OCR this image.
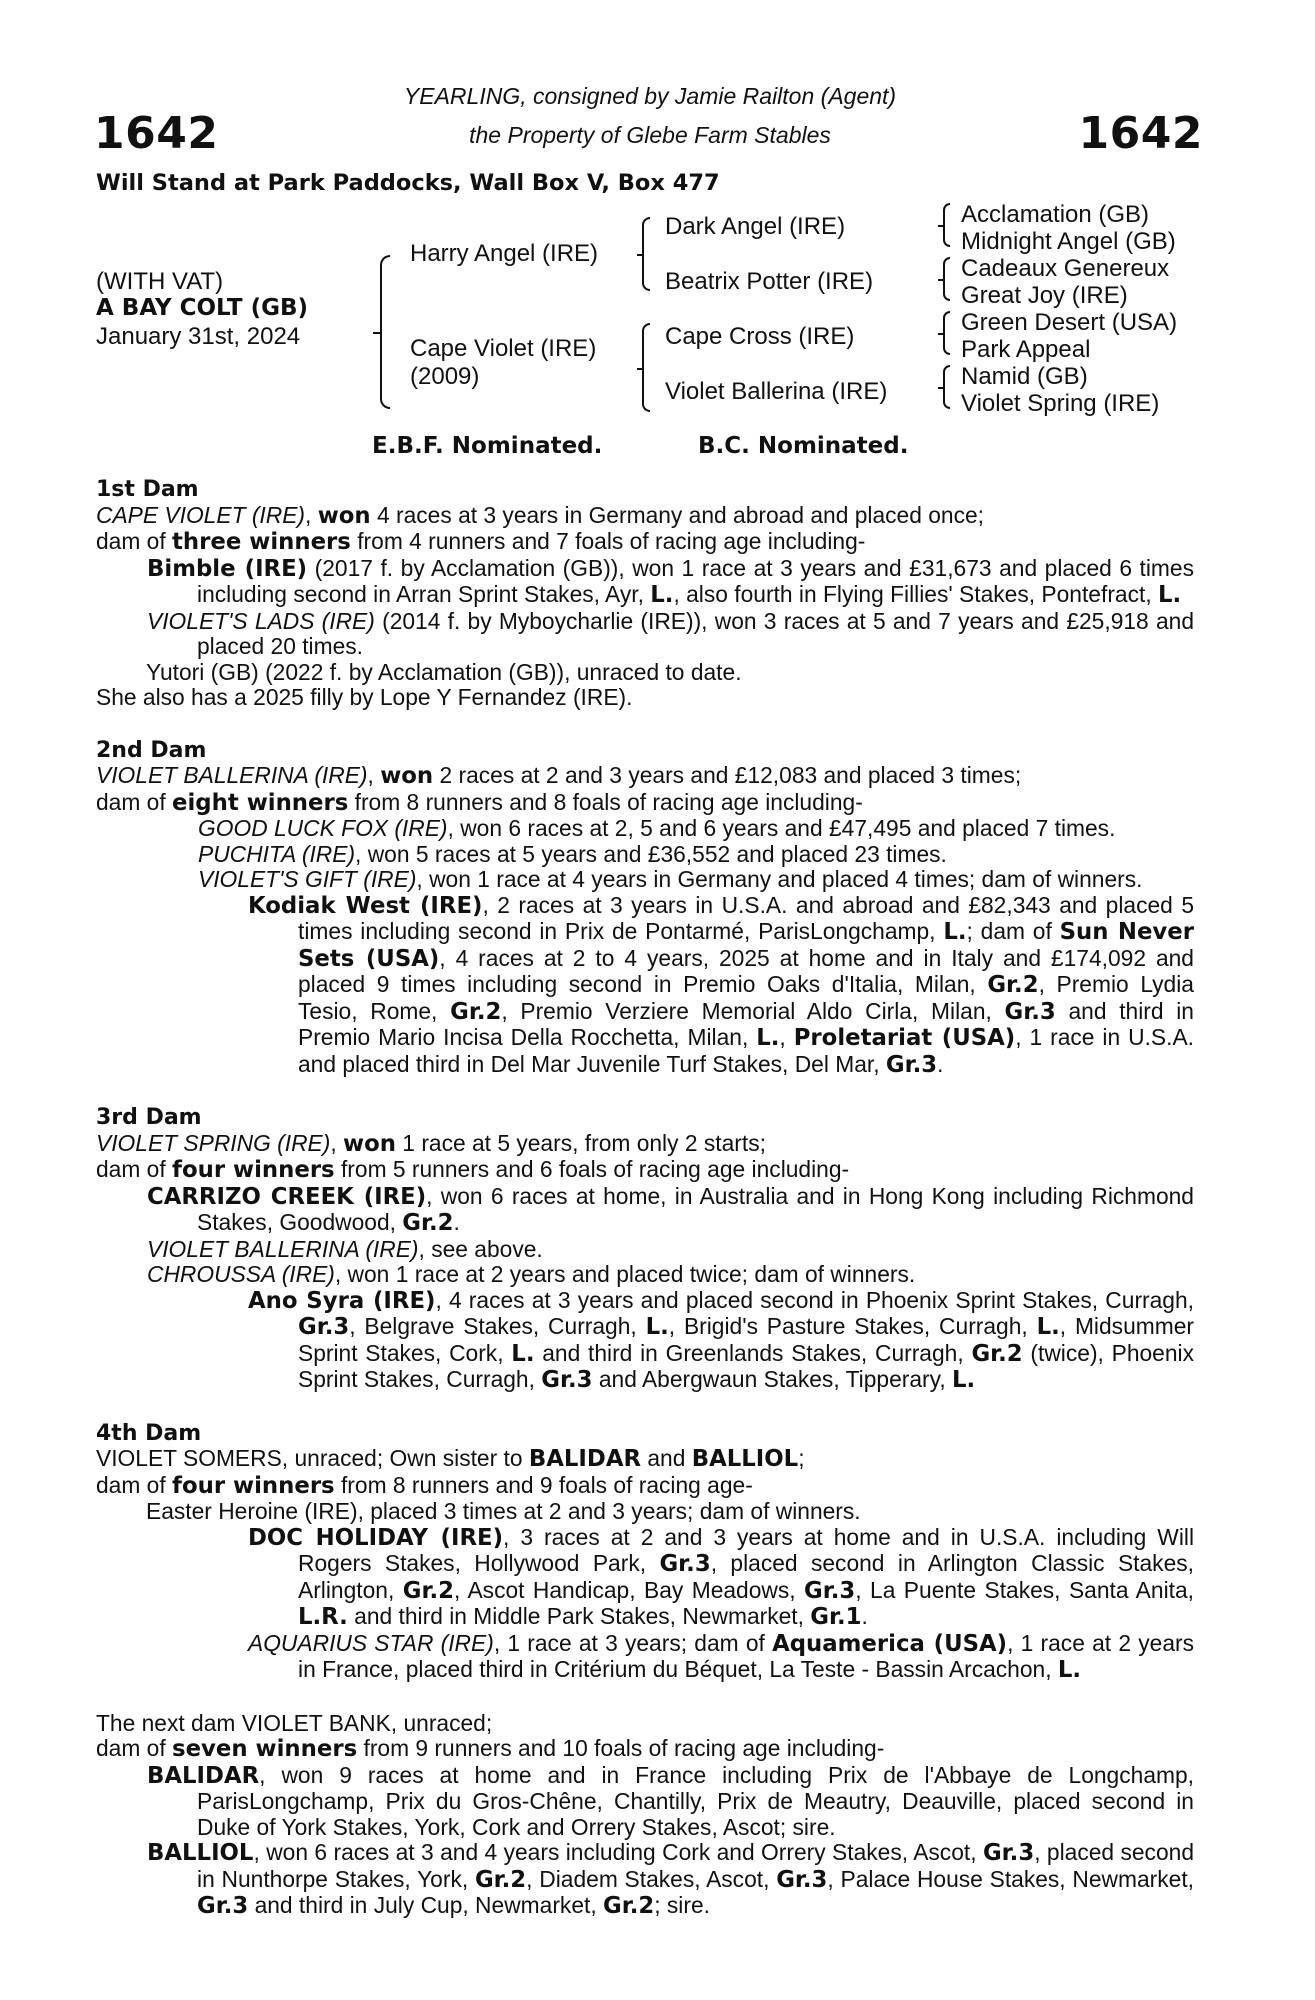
1642	1642
YEARLING, consigned by Jamie Railton (Agent)
the Property of Glebe Farm Stables
Will Stand at Park Paddocks, Wall Box V, Box 477
(WITH VAT)
A BAY COLT (GB)
January 31st, 2024
Harry Angel (IRE)
Cape Violet (IRE)
(2009)
Dark Angel (IRE)
Beatrix Potter (IRE)
Cape Cross (IRE)
Violet Ballerina (IRE)
Acclamation (GB)
Midnight Angel (GB)
Cadeaux Genereux
Great Joy (IRE)
Green Desert (USA)
Park Appeal
Namid (GB)
Violet Spring (IRE)
E.B.F. Nominated.	B.C. Nominated.

1st Dam

CAPE VIOLET (IRE), won 4 races at 3 years in Germany and abroad and placed once;

dam of three winners from 4 runners and 7 foals of racing age including-

Bimble (IRE) (2017 f. by Acclamation (GB)), won 1 race at 3 years and £31,673 and placed 6 times including second in Arran Sprint Stakes, Ayr, L., also fourth in Flying Fillies' Stakes, Pontefract, L.

VIOLET'S LADS (IRE) (2014 f. by Myboycharlie (IRE)), won 3 races at 5 and 7 years and £25,918 and placed 20 times.

Yutori (GB) (2022 f. by Acclamation (GB)), unraced to date.

She also has a 2025 filly by Lope Y Fernandez (IRE).

2nd Dam

VIOLET BALLERINA (IRE), won 2 races at 2 and 3 years and £12,083 and placed 3 times;

dam of eight winners from 8 runners and 8 foals of racing age including-

GOOD LUCK FOX (IRE), won 6 races at 2, 5 and 6 years and £47,495 and placed 7 times.

PUCHITA (IRE), won 5 races at 5 years and £36,552 and placed 23 times.

VIOLET'S GIFT (IRE), won 1 race at 4 years in Germany and placed 4 times; dam of winners.

Kodiak West (IRE), 2 races at 3 years in U.S.A. and abroad and £82,343 and placed 5 times including second in Prix de Pontarmé, ParisLongchamp, L.; dam of Sun Never Sets (USA), 4 races at 2 to 4 years, 2025 at home and in Italy and £174,092 and placed 9 times including second in Premio Oaks d'Italia, Milan, Gr.2, Premio Lydia Tesio, Rome, Gr.2, Premio Verziere Memorial Aldo Cirla, Milan, Gr.3 and third in Premio Mario Incisa Della Rocchetta, Milan, L., Proletariat (USA), 1 race in U.S.A. and placed third in Del Mar Juvenile Turf Stakes, Del Mar, Gr.3.

3rd Dam

VIOLET SPRING (IRE), won 1 race at 5 years, from only 2 starts;

dam of four winners from 5 runners and 6 foals of racing age including-

CARRIZO CREEK (IRE), won 6 races at home, in Australia and in Hong Kong including Richmond Stakes, Goodwood, Gr.2.

VIOLET BALLERINA (IRE), see above.

CHROUSSA (IRE), won 1 race at 2 years and placed twice; dam of winners.

Ano Syra (IRE), 4 races at 3 years and placed second in Phoenix Sprint Stakes, Curragh, Gr.3, Belgrave Stakes, Curragh, L., Brigid's Pasture Stakes, Curragh, L., Midsummer Sprint Stakes, Cork, L. and third in Greenlands Stakes, Curragh, Gr.2 (twice), Phoenix Sprint Stakes, Curragh, Gr.3 and Abergwaun Stakes, Tipperary, L.

4th Dam

VIOLET SOMERS, unraced; Own sister to BALIDAR and BALLIOL;

dam of four winners from 8 runners and 9 foals of racing age-

Easter Heroine (IRE), placed 3 times at 2 and 3 years; dam of winners.

DOC HOLIDAY (IRE), 3 races at 2 and 3 years at home and in U.S.A. including Will Rogers Stakes, Hollywood Park, Gr.3, placed second in Arlington Classic Stakes, Arlington, Gr.2, Ascot Handicap, Bay Meadows, Gr.3, La Puente Stakes, Santa Anita, L.R. and third in Middle Park Stakes, Newmarket, Gr.1.

AQUARIUS STAR (IRE), 1 race at 3 years; dam of Aquamerica (USA), 1 race at 2 years in France, placed third in Critérium du Béquet, La Teste - Bassin Arcachon, L.

The next dam VIOLET BANK, unraced;

dam of seven winners from 9 runners and 10 foals of racing age including-

BALIDAR, won 9 races at home and in France including Prix de l'Abbaye de Longchamp, ParisLongchamp, Prix du Gros-Chêne, Chantilly, Prix de Meautry, Deauville, placed second in Duke of York Stakes, York, Cork and Orrery Stakes, Ascot; sire.

BALLIOL, won 6 races at 3 and 4 years including Cork and Orrery Stakes, Ascot, Gr.3, placed second in Nunthorpe Stakes, York, Gr.2, Diadem Stakes, Ascot, Gr.3, Palace House Stakes, Newmarket, Gr.3 and third in July Cup, Newmarket, Gr.2; sire.
